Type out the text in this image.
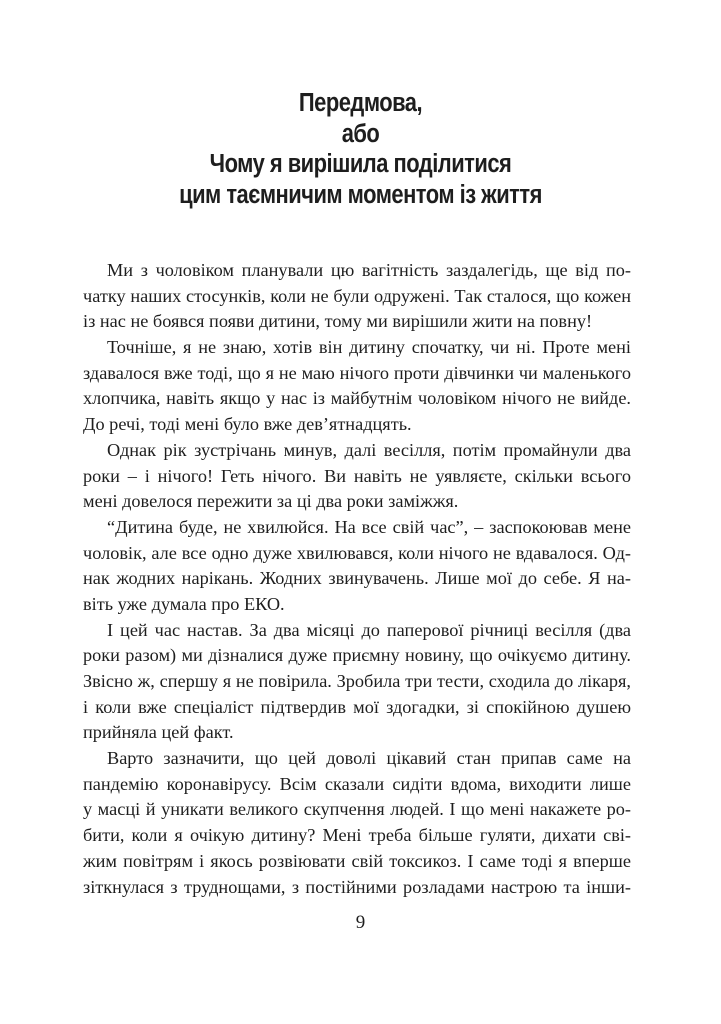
Передмова,
або
Чому я вирішила поділитися
цим таємничим моментом із життя
Ми з чоловіком планували цю вагітність заздалегідь, ще від по-
чатку наших стосунків, коли не були одружені. Так сталося, що кожен
із нас не боявся появи дитини, тому ми вирішили жити на повну!
Точніше, я не знаю, хотів він дитину спочатку, чи ні. Проте мені
здавалося вже тоді, що я не маю нічого проти дівчинки чи маленького
хлопчика, навіть якщо у нас із майбутнім чоловіком нічого не вийде.
До речі, тоді мені було вже дев’ятнадцять.
Однак рік зустрічань минув, далі весілля, потім промайнули два
роки – і нічого! Геть нічого. Ви навіть не уявляєте, скільки всього
мені довелося пережити за ці два роки заміжжя.
“Дитина буде, не хвилюйся. На все свій час”, – заспокоював мене
чоловік, але все одно дуже хвилювався, коли нічого не вдавалося. Од-
нак жодних нарікань. Жодних звинувачень. Лише мої до себе. Я на-
віть уже думала про ЕКО.
І цей час настав. За два місяці до паперової річниці весілля (два
роки разом) ми дізналися дуже приємну новину, що очікуємо дитину.
Звісно ж, спершу я не повірила. Зробила три тести, сходила до лікаря,
і коли вже спеціаліст підтвердив мої здогадки, зі спокійною душею
прийняла цей факт.
Варто зазначити, що цей доволі цікавий стан припав саме на
пандемію коронавірусу. Всім сказали сидіти вдома, виходити лише
у масці й уникати великого скупчення людей. І що мені накажете ро-
бити, коли я очікую дитину? Мені треба більше гуляти, дихати сві-
жим повітрям і якось розвіювати свій токсикоз. І саме тоді я вперше
зіткнулася з труднощами, з постійними розладами настрою та інши-
9
